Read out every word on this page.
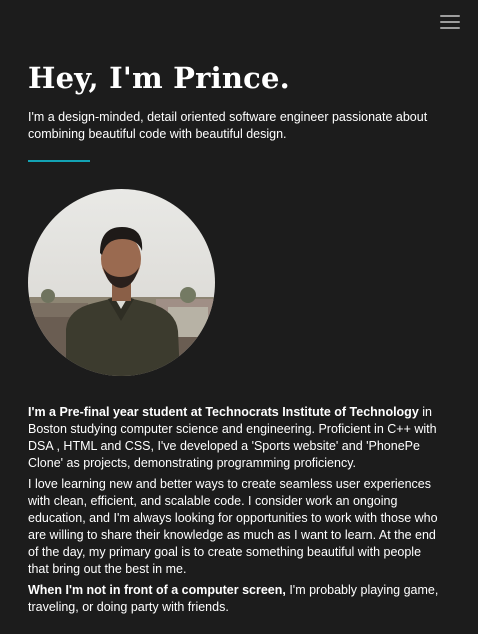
Hey, I'm Prince.

I'm a design-minded, detail oriented software engineer passionate about combining beautiful code with beautiful design.

I'm a Pre-final year student at Technocrats Institute of Technology in Boston studying computer science and engineering. Proficient in C++ with DSA , HTML and CSS, I've developed a 'Sports website' and 'PhonePe Clone' as projects, demonstrating programming proficiency.

I love learning new and better ways to create seamless user experiences with clean, efficient, and scalable code. I consider work an ongoing education, and I'm always looking for opportunities to work with those who are willing to share their knowledge as much as I want to learn. At the end of the day, my primary goal is to create something beautiful with people that bring out the best in me.

When I'm not in front of a computer screen, I'm probably playing game, traveling, or doing party with friends.
